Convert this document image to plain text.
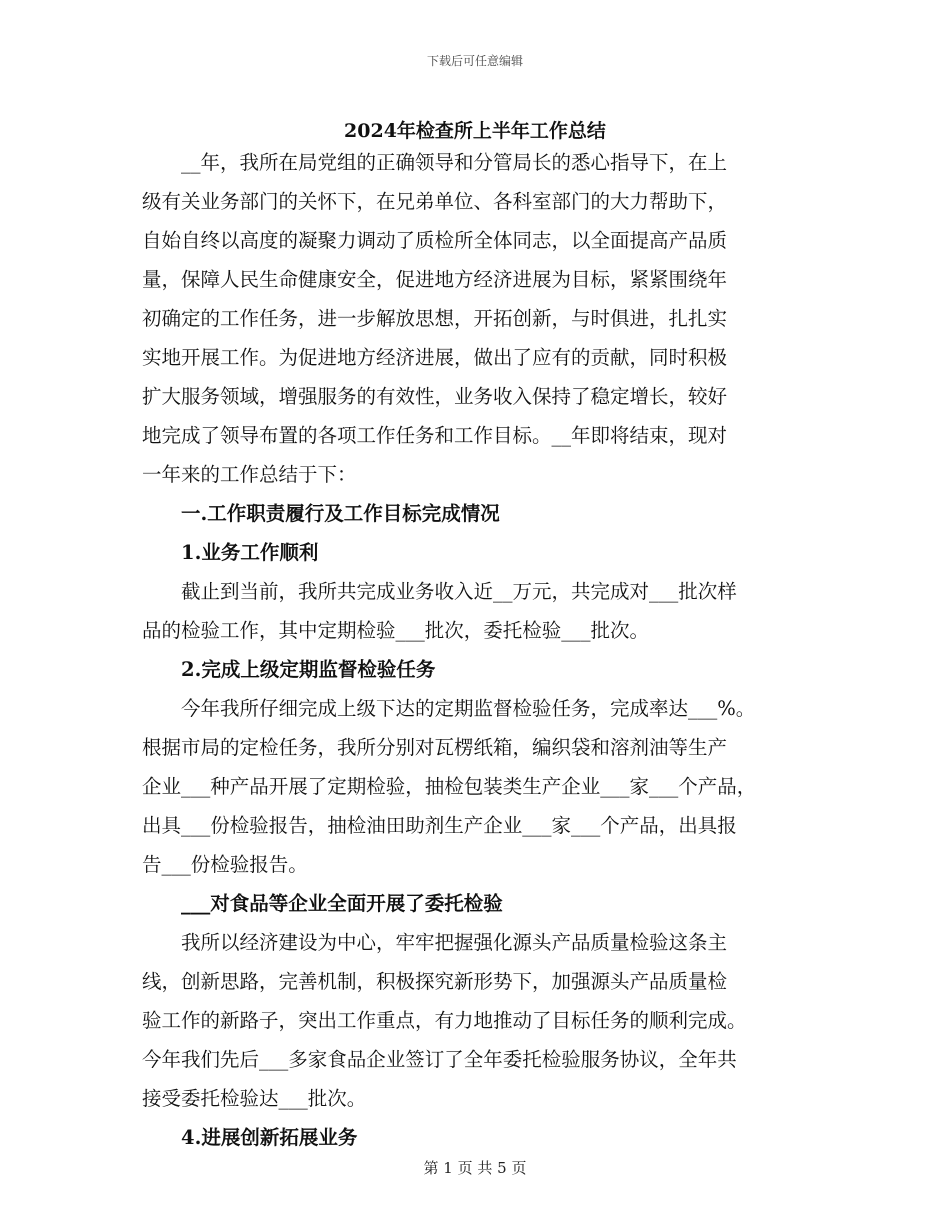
下载后可任意编辑
2024年检查所上半年工作总结
　　__年，我所在局党组的正确领导和分管局长的悉心指导下，在上
级有关业务部门的关怀下，在兄弟单位、各科室部门的大力帮助下，
自始自终以高度的凝聚力调动了质检所全体同志，以全面提高产品质
量，保障人民生命健康安全，促进地方经济进展为目标，紧紧围绕年
初确定的工作任务，进一步解放思想，开拓创新，与时俱进，扎扎实
实地开展工作。为促进地方经济进展，做出了应有的贡献，同时积极
扩大服务领域，增强服务的有效性，业务收入保持了稳定增长，较好
地完成了领导布置的各项工作任务和工作目标。__年即将结束，现对
一年来的工作总结于下：
　　一.工作职责履行及工作目标完成情况
　　1.业务工作顺利
　　截止到当前，我所共完成业务收入近__万元，共完成对___批次样
品的检验工作，其中定期检验___批次，委托检验___批次。
　　2.完成上级定期监督检验任务
　　今年我所仔细完成上级下达的定期监督检验任务，完成率达___%。
根据市局的定检任务，我所分别对瓦楞纸箱，编织袋和溶剂油等生产
企业___种产品开展了定期检验，抽检包装类生产企业___家___个产品，
出具___份检验报告，抽检油田助剂生产企业___家___个产品，出具报
告___份检验报告。
　　___对食品等企业全面开展了委托检验
　　我所以经济建设为中心，牢牢把握强化源头产品质量检验这条主
线，创新思路，完善机制，积极探究新形势下，加强源头产品质量检
验工作的新路子，突出工作重点，有力地推动了目标任务的顺利完成。
今年我们先后___多家食品企业签订了全年委托检验服务协议，全年共
接受委托检验达___批次。
　　4.进展创新拓展业务
第 1 页 共 5 页
